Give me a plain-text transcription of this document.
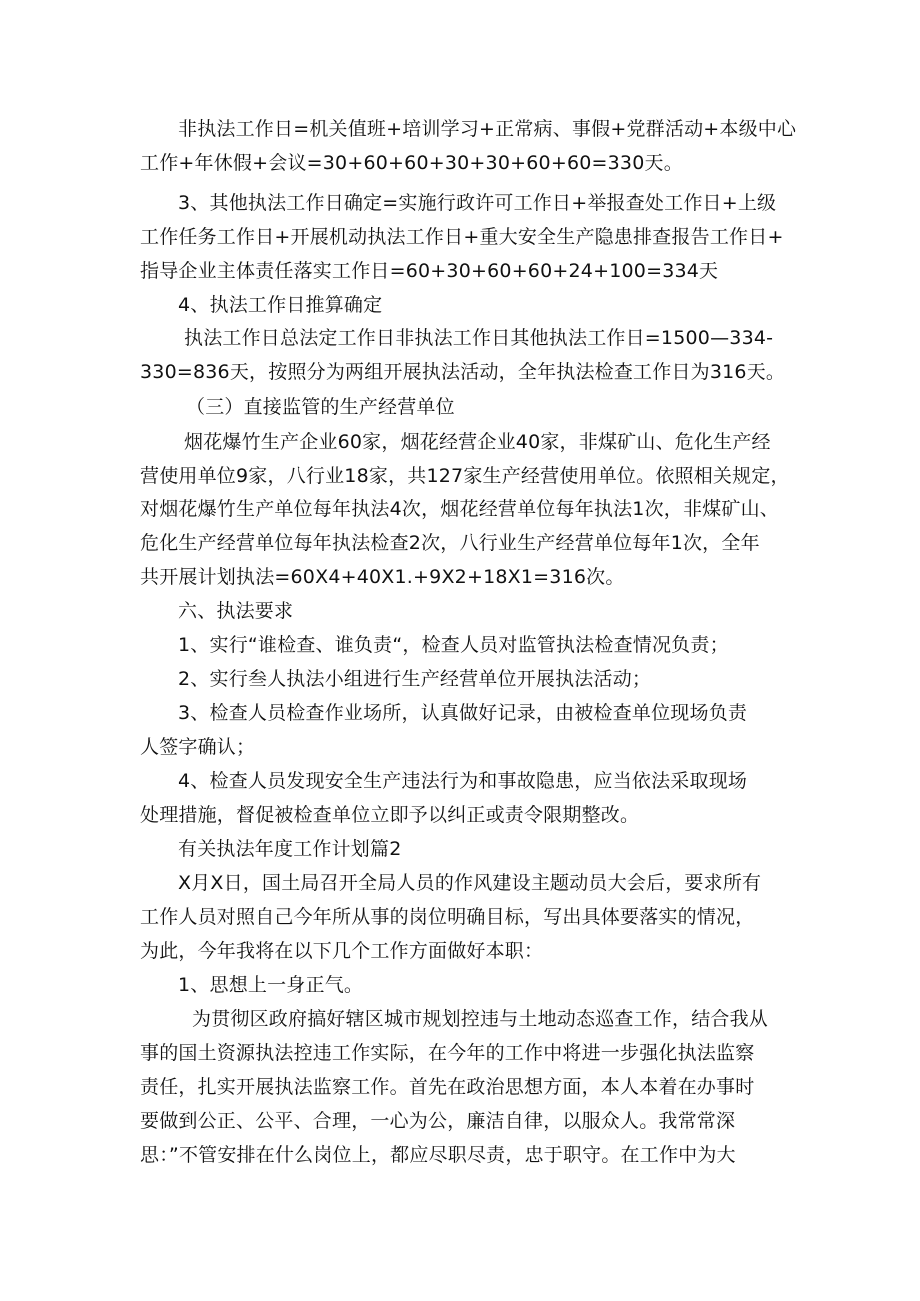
非执法工作日=机关值班+培训学习+正常病、事假+党群活动+本级中心
工作+年休假+会议=30+60+60+30+30+60+60=330天。
3、其他执法工作日确定=实施行政许可工作日+举报查处工作日+上级
工作任务工作日+开展机动执法工作日+重大安全生产隐患排查报告工作日+
指导企业主体责任落实工作日=60+30+60+60+24+100=334天
4、执法工作日推算确定
执法工作日总法定工作日非执法工作日其他执法工作日=1500—334-
330=836天，按照分为两组开展执法活动，全年执法检查工作日为316天。
（三）直接监管的生产经营单位
烟花爆竹生产企业60家，烟花经营企业40家，非煤矿山、危化生产经
营使用单位9家，八行业18家，共127家生产经营使用单位。依照相关规定，
对烟花爆竹生产单位每年执法4次，烟花经营单位每年执法1次，非煤矿山、
危化生产经营单位每年执法检查2次，八行业生产经营单位每年1次，全年
共开展计划执法=60X4+40X1.+9X2+18X1=316次。
六、执法要求
1、实行“谁检查、谁负责“，检查人员对监管执法检查情况负责；
2、实行叁人执法小组进行生产经营单位开展执法活动；
3、检查人员检查作业场所，认真做好记录，由被检查单位现场负责
人签字确认；
4、检查人员发现安全生产违法行为和事故隐患，应当依法采取现场
处理措施，督促被检查单位立即予以纠正或责令限期整改。
有关执法年度工作计划篇2
X月X日，国土局召开全局人员的作风建设主题动员大会后，要求所有
工作人员对照自己今年所从事的岗位明确目标，写出具体要落实的情况，
为此，今年我将在以下几个工作方面做好本职：
1、思想上一身正气。
为贯彻区政府搞好辖区城市规划控违与土地动态巡查工作，结合我从
事的国土资源执法控违工作实际，在今年的工作中将进一步强化执法监察
责任，扎实开展执法监察工作。首先在政治思想方面，本人本着在办事时
要做到公正、公平、合理，一心为公，廉洁自律，以服众人。我常常深
思：”不管安排在什么岗位上，都应尽职尽责，忠于职守。在工作中为大
